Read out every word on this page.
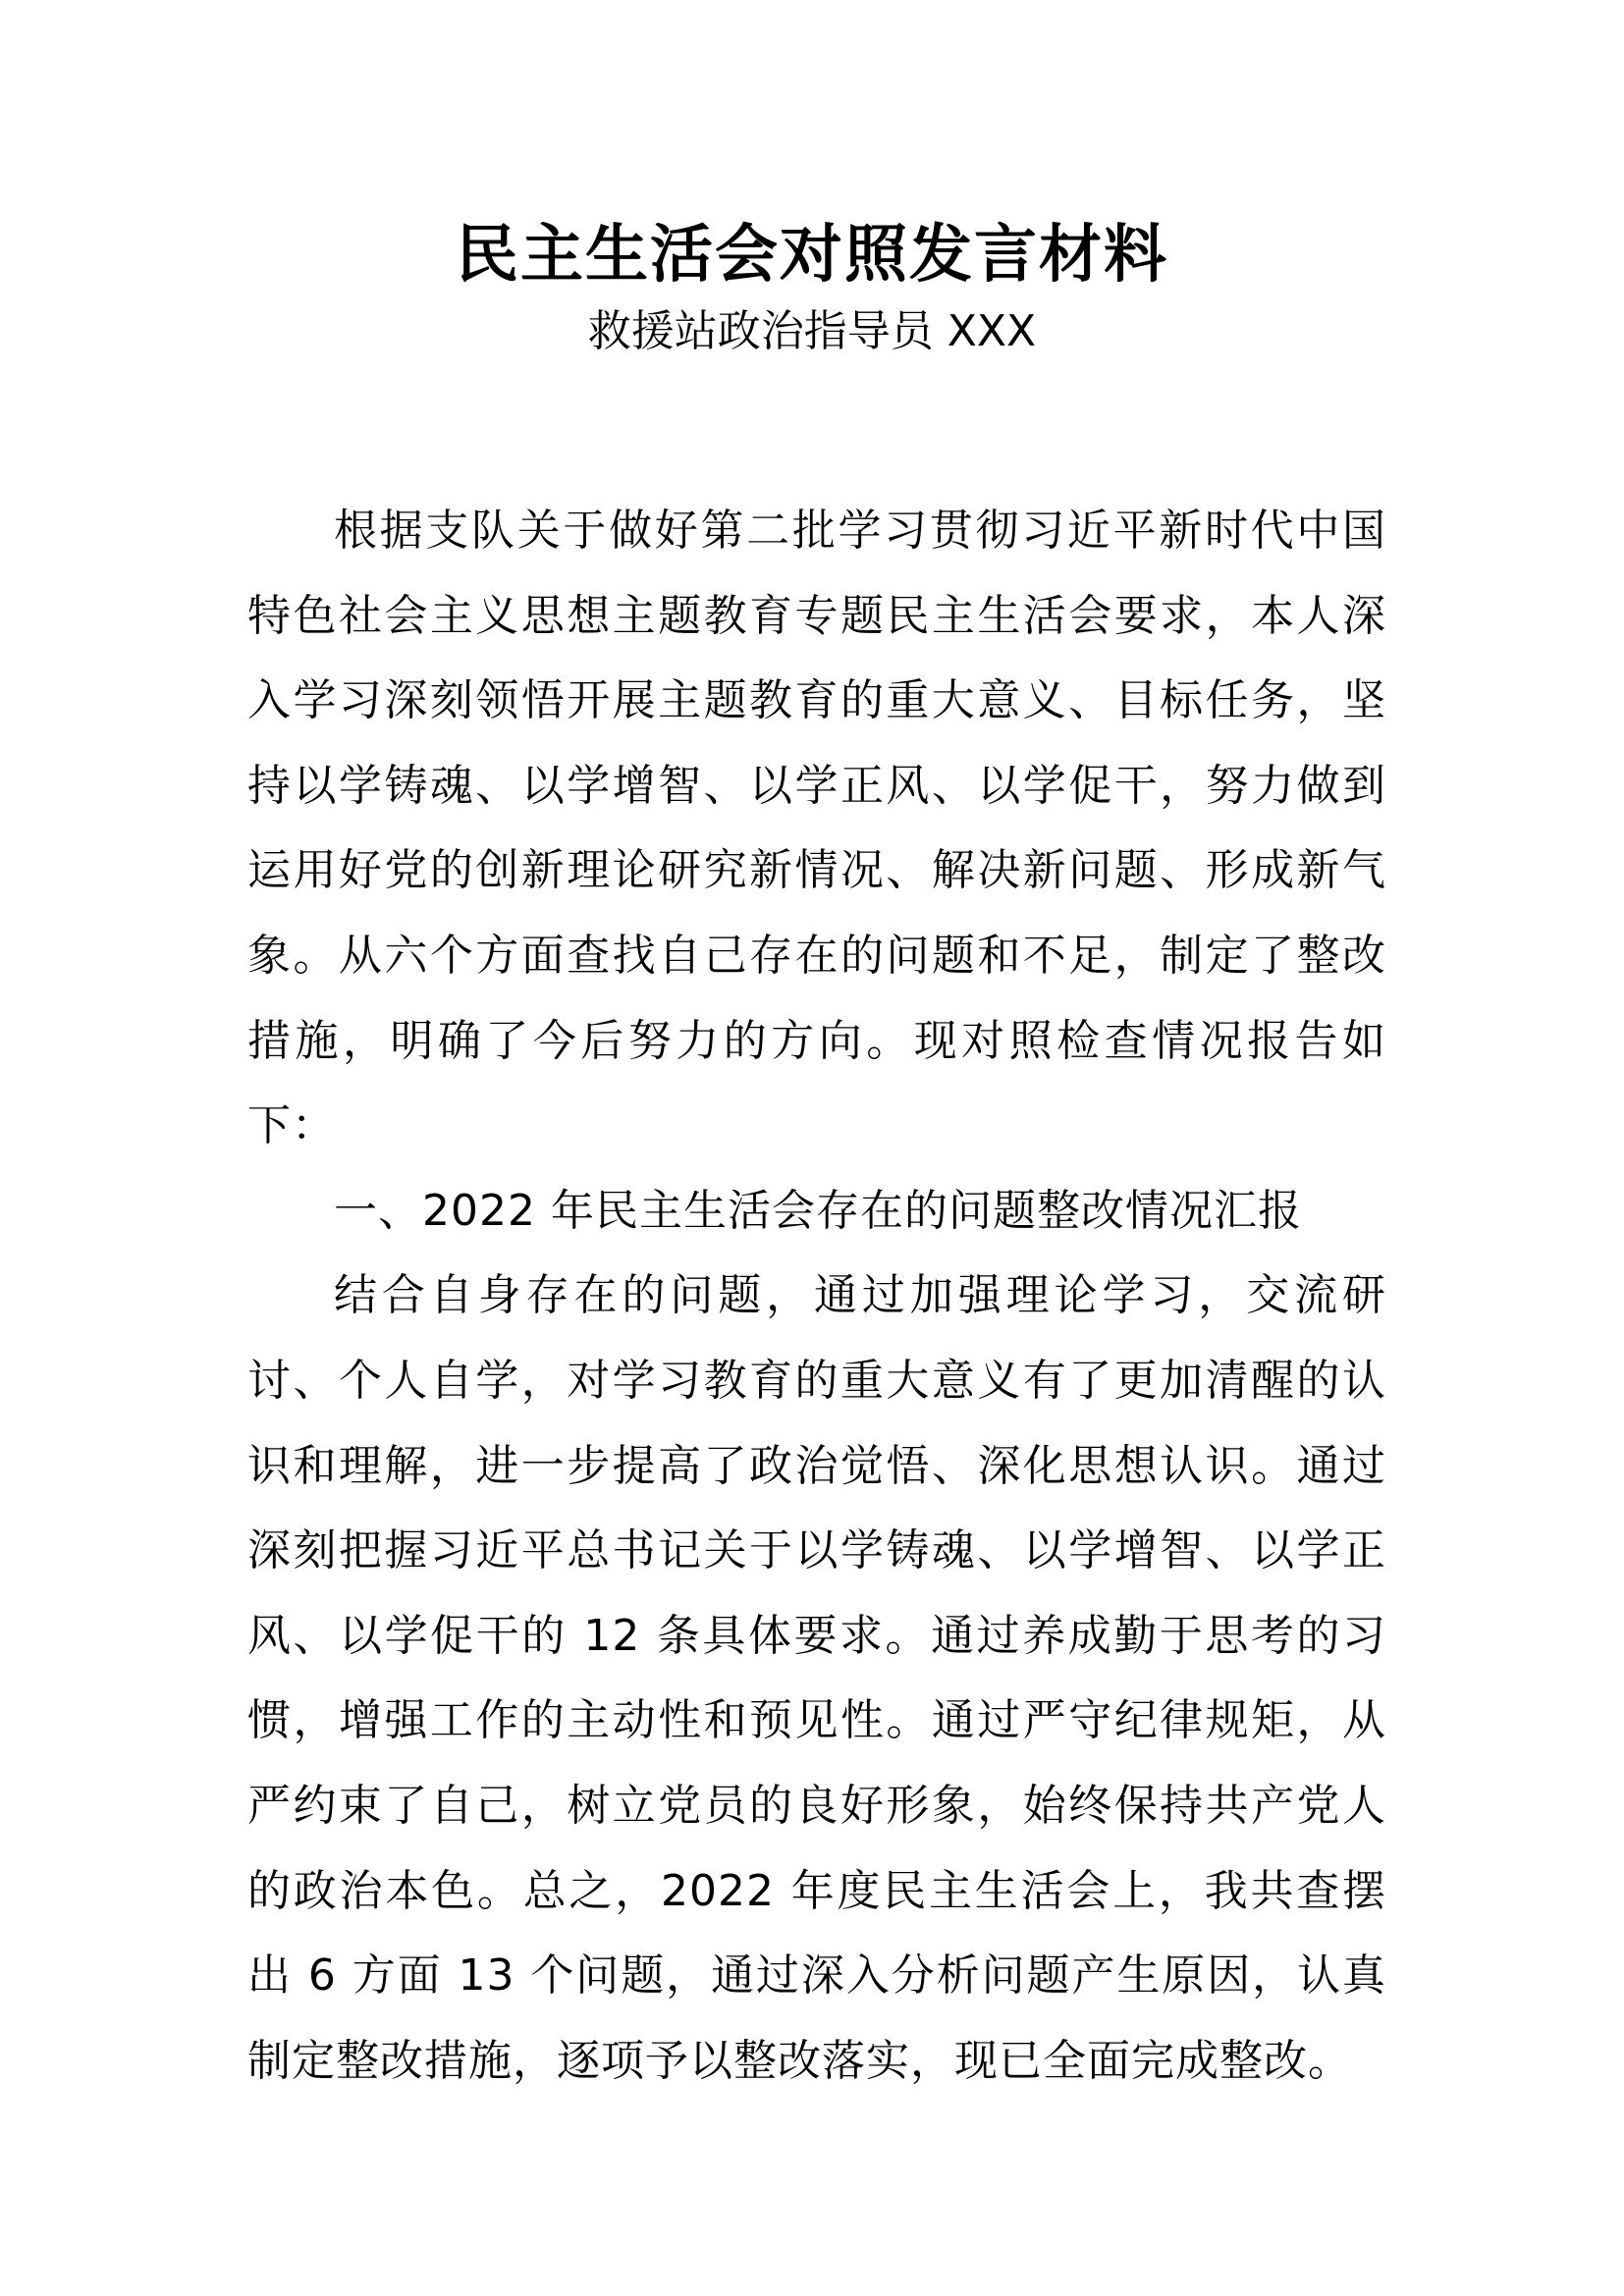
民主生活会对照发言材料
救援站政治指导员 XXX

根据支队关于做好第二批学习贯彻习近平新时代中国特色社会主义思想主题教育专题民主生活会要求，本人深入学习深刻领悟开展主题教育的重大意义、目标任务，坚持以学铸魂、以学增智、以学正风、以学促干，努力做到运用好党的创新理论研究新情况、解决新问题、形成新气象。从六个方面查找自己存在的问题和不足，制定了整改措施，明确了今后努力的方向。现对照检查情况报告如下：

一、2022 年民主生活会存在的问题整改情况汇报

结合自身存在的问题，通过加强理论学习，交流研讨、个人自学，对学习教育的重大意义有了更加清醒的认识和理解，进一步提高了政治觉悟、深化思想认识。通过深刻把握习近平总书记关于以学铸魂、以学增智、以学正风、以学促干的 12 条具体要求。通过养成勤于思考的习惯，增强工作的主动性和预见性。通过严守纪律规矩，从严约束了自己，树立党员的良好形象，始终保持共产党人的政治本色。总之，2022 年度民主生活会上，我共查摆出 6 方面 13 个问题，通过深入分析问题产生原因，认真制定整改措施，逐项予以整改落实，现已全面完成整改。
